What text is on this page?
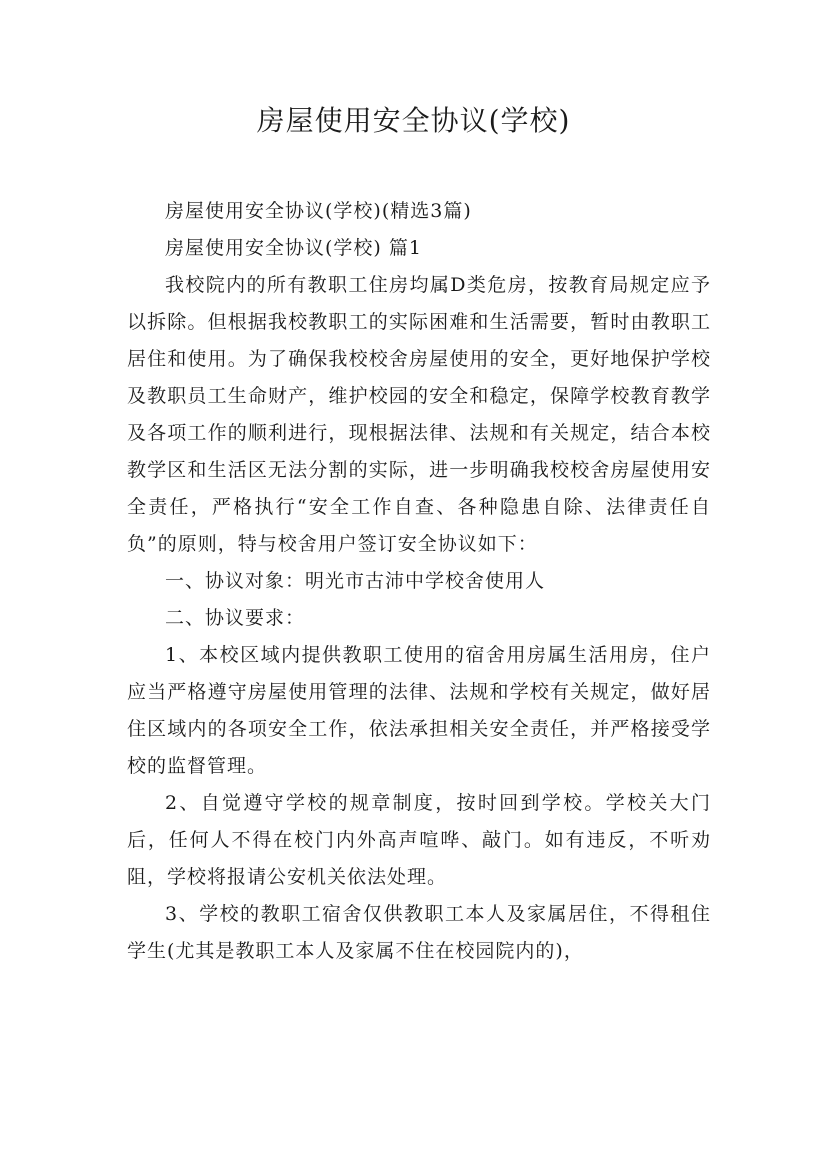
房屋使用安全协议(学校)

房屋使用安全协议(学校)(精选3篇)

房屋使用安全协议(学校) 篇1

我校院内的所有教职工住房均属D类危房，按教育局规定应予以拆除。但根据我校教职工的实际困难和生活需要，暂时由教职工居住和使用。为了确保我校校舍房屋使用的安全，更好地保护学校及教职员工生命财产，维护校园的安全和稳定，保障学校教育教学及各项工作的顺利进行，现根据法律、法规和有关规定，结合本校教学区和生活区无法分割的实际，进一步明确我校校舍房屋使用安全责任，严格执行“安全工作自查、各种隐患自除、法律责任自负”的原则，特与校舍用户签订安全协议如下：

一、协议对象：明光市古沛中学校舍使用人

二、协议要求：

1、本校区域内提供教职工使用的宿舍用房属生活用房，住户应当严格遵守房屋使用管理的法律、法规和学校有关规定，做好居住区域内的各项安全工作，依法承担相关安全责任，并严格接受学校的监督管理。

2、自觉遵守学校的规章制度，按时回到学校。学校关大门后，任何人不得在校门内外高声喧哗、敲门。如有违反，不听劝阻，学校将报请公安机关依法处理。

3、学校的教职工宿舍仅供教职工本人及家属居住，不得租住学生(尤其是教职工本人及家属不住在校园院内的)，
